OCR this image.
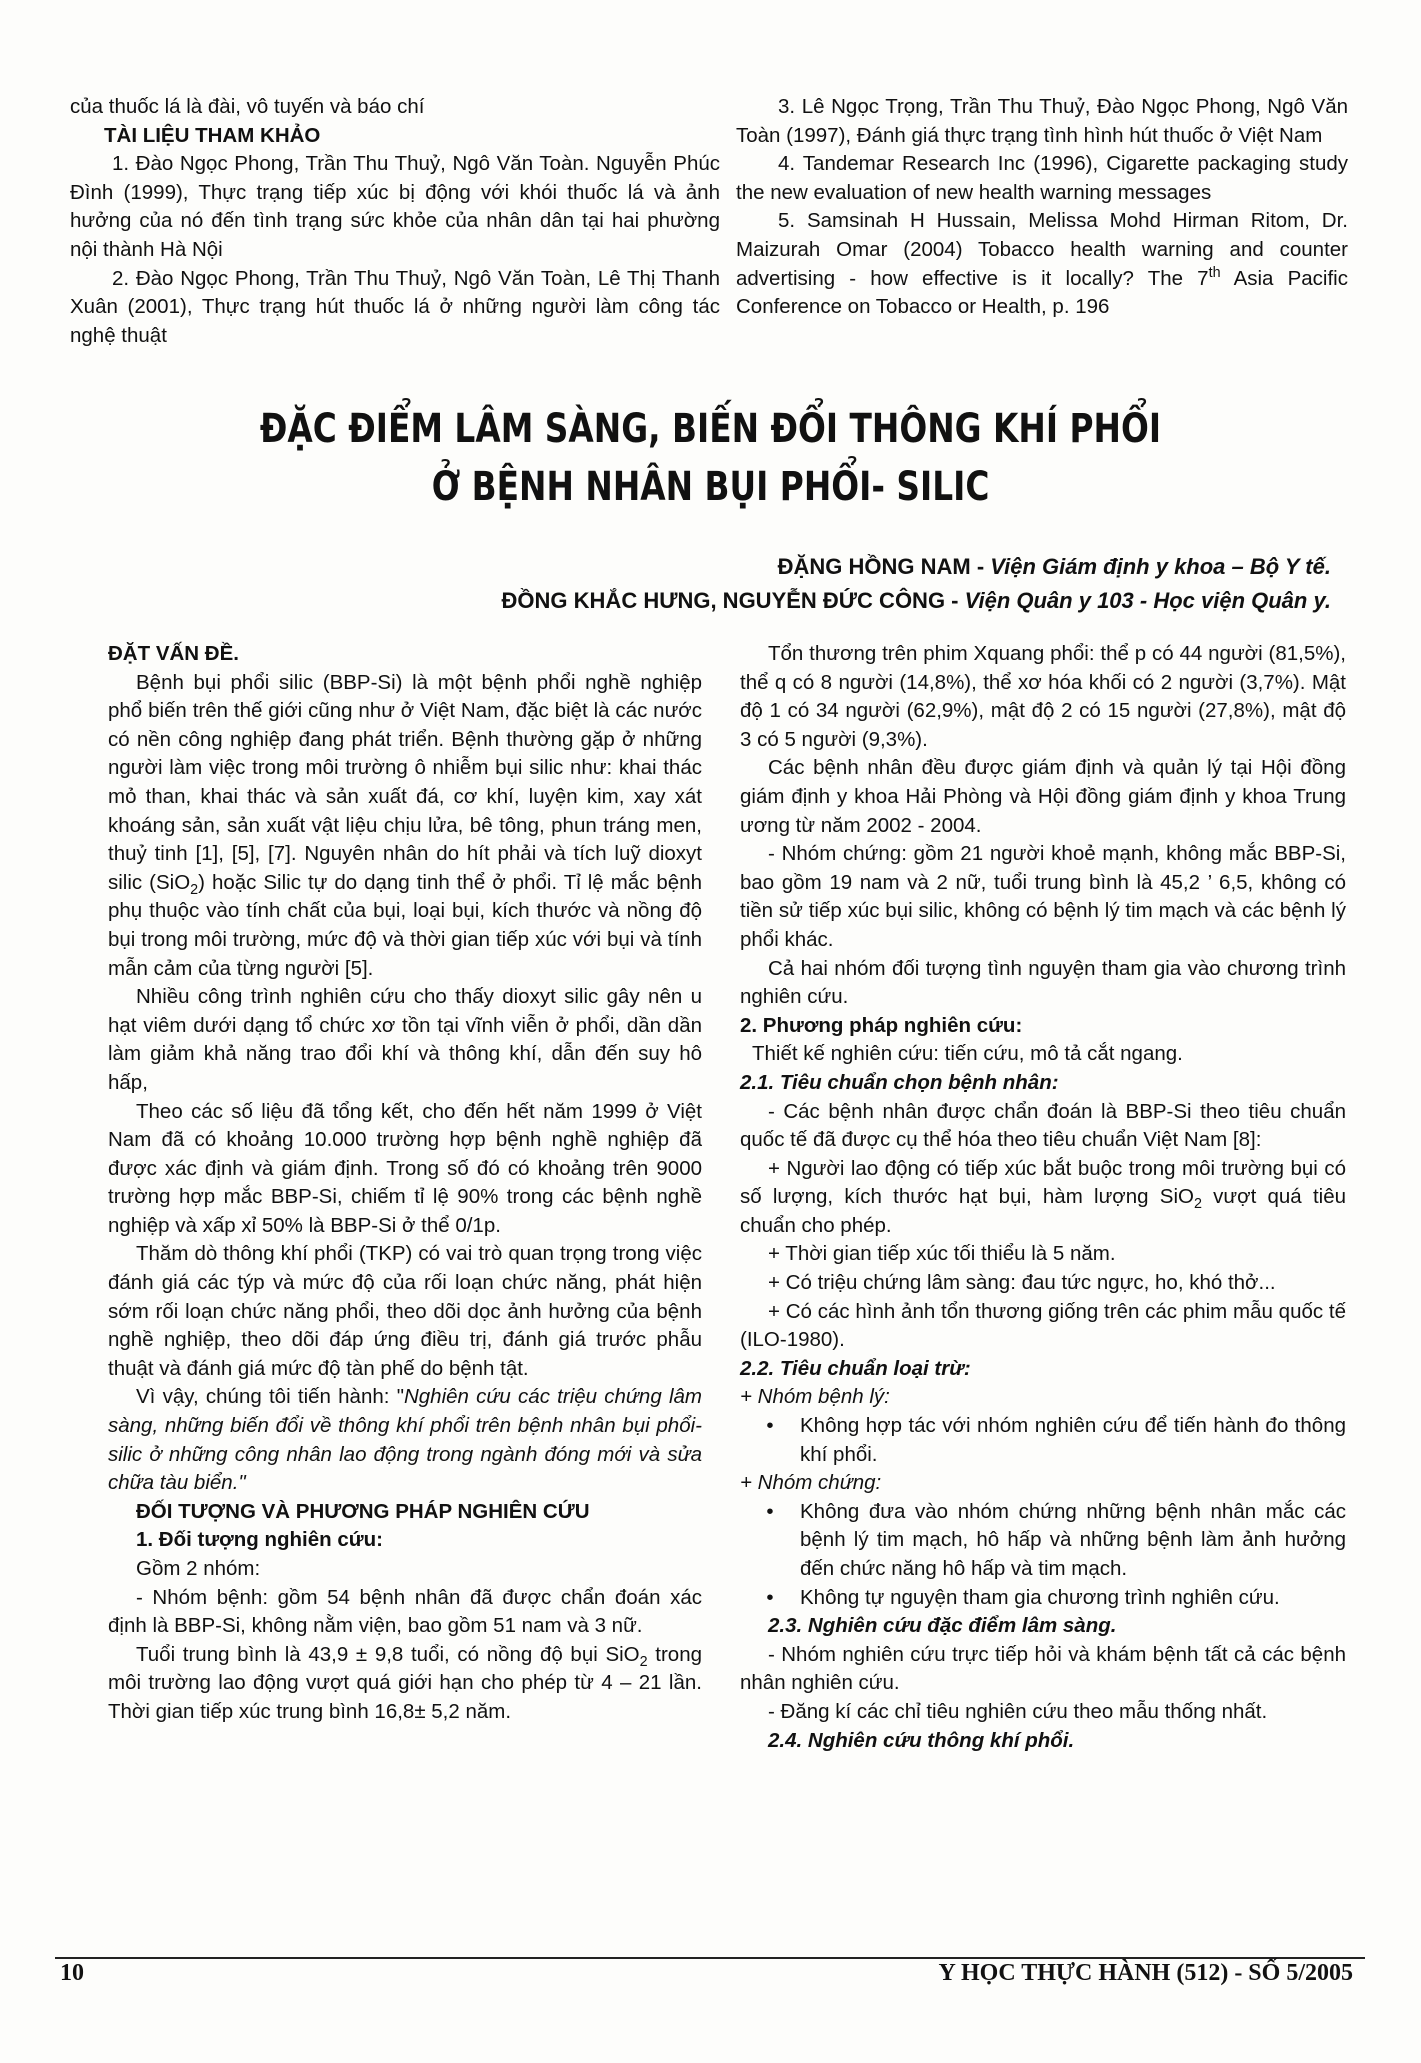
của thuốc lá là đài, vô tuyến và báo chí

TÀI LIỆU THAM KHẢO

1. Đào Ngọc Phong, Trần Thu Thuỷ, Ngô Văn Toàn. Nguyễn Phúc Đình (1999), Thực trạng tiếp xúc bị động với khói thuốc lá và ảnh hưởng của nó đến tình trạng sức khỏe của nhân dân tại hai phường nội thành Hà Nội

2. Đào Ngọc Phong, Trần Thu Thuỷ, Ngô Văn Toàn, Lê Thị Thanh Xuân (2001), Thực trạng hút thuốc lá ở những người làm công tác nghệ thuật

3. Lê Ngọc Trọng, Trần Thu Thuỷ, Đào Ngọc Phong, Ngô Văn Toàn (1997), Đánh giá thực trạng tình hình hút thuốc ở Việt Nam

4. Tandemar Research Inc (1996), Cigarette packaging study the new evaluation of new health warning messages

5. Samsinah H Hussain, Melissa Mohd Hirman Ritom, Dr. Maizurah Omar (2004) Tobacco health warning and counter advertising - how effective is it locally? The 7th Asia Pacific Conference on Tobacco or Health, p. 196

ĐẶC ĐIỂM LÂM SÀNG, BIẾN ĐỔI THÔNG KHÍ PHỔI
Ở BỆNH NHÂN BỤI PHỔI- SILIC
ĐẶNG HỒNG NAM - Viện Giám định y khoa – Bộ Y tế.
ĐỒNG KHẮC HƯNG, NGUYỄN ĐỨC CÔNG - Viện Quân y 103 - Học viện Quân y.

ĐẶT VẤN ĐỀ.

Bệnh bụi phổi silic (BBP-Si) là một bệnh phổi nghề nghiệp phổ biến trên thế giới cũng như ở Việt Nam, đặc biệt là các nước có nền công nghiệp đang phát triển. Bệnh thường gặp ở những người làm việc trong môi trường ô nhiễm bụi silic như: khai thác mỏ than, khai thác và sản xuất đá, cơ khí, luyện kim, xay xát khoáng sản, sản xuất vật liệu chịu lửa, bê tông, phun tráng men, thuỷ tinh [1], [5], [7]. Nguyên nhân do hít phải và tích luỹ dioxyt silic (SiO$_2$) hoặc Silic tự do dạng tinh thể ở phổi. Tỉ lệ mắc bệnh phụ thuộc vào tính chất của bụi, loại bụi, kích thước và nồng độ bụi trong môi trường, mức độ và thời gian tiếp xúc với bụi và tính mẫn cảm của từng người [5].

Nhiều công trình nghiên cứu cho thấy dioxyt silic gây nên u hạt viêm dưới dạng tổ chức xơ tồn tại vĩnh viễn ở phổi, dần dần làm giảm khả năng trao đổi khí và thông khí, dẫn đến suy hô hấp,

Theo các số liệu đã tổng kết, cho đến hết năm 1999 ở Việt Nam đã có khoảng 10.000 trường hợp bệnh nghề nghiệp đã được xác định và giám định. Trong số đó có khoảng trên 9000 trường hợp mắc BBP-Si, chiếm tỉ lệ 90% trong các bệnh nghề nghiệp và xấp xỉ 50% là BBP-Si ở thể 0/1p.

Thăm dò thông khí phổi (TKP) có vai trò quan trọng trong việc đánh giá các týp và mức độ của rối loạn chức năng, phát hiện sớm rối loạn chức năng phổi, theo dõi dọc ảnh hưởng của bệnh nghề nghiệp, theo dõi đáp ứng điều trị, đánh giá trước phẫu thuật và đánh giá mức độ tàn phế do bệnh tật.

Vì vậy, chúng tôi tiến hành: "Nghiên cứu các triệu chứng lâm sàng, những biến đổi về thông khí phổi trên bệnh nhân bụi phổi- silic ở những công nhân lao động trong ngành đóng mới và sửa chữa tàu biển."

ĐỐI TƯỢNG VÀ PHƯƠNG PHÁP NGHIÊN CỨU

1. Đối tượng nghiên cứu:

Gồm 2 nhóm:

- Nhóm bệnh: gồm 54 bệnh nhân đã được chẩn đoán xác định là BBP-Si, không nằm viện, bao gồm 51 nam và 3 nữ.

Tuổi trung bình là 43,9 ± 9,8 tuổi, có nồng độ bụi SiO$_2$ trong môi trường lao động vượt quá giới hạn cho phép từ 4 – 21 lần. Thời gian tiếp xúc trung bình 16,8± 5,2 năm.

Tổn thương trên phim Xquang phổi: thể p có 44 người (81,5%), thể q có 8 người (14,8%), thể xơ hóa khối có 2 người (3,7%). Mật độ 1 có 34 người (62,9%), mật độ 2 có 15 người (27,8%), mật độ 3 có 5 người (9,3%).

Các bệnh nhân đều được giám định và quản lý tại Hội đồng giám định y khoa Hải Phòng và Hội đồng giám định y khoa Trung ương từ năm 2002 - 2004.

- Nhóm chứng: gồm 21 người khoẻ mạnh, không mắc BBP-Si, bao gồm 19 nam và 2 nữ, tuổi trung bình là 45,2 ’ 6,5, không có tiền sử tiếp xúc bụi silic, không có bệnh lý tim mạch và các bệnh lý phổi khác.

Cả hai nhóm đối tượng tình nguyện tham gia vào chương trình nghiên cứu.

2. Phương pháp nghiên cứu:

Thiết kế nghiên cứu: tiến cứu, mô tả cắt ngang.

2.1. Tiêu chuẩn chọn bệnh nhân:

- Các bệnh nhân được chẩn đoán là BBP-Si theo tiêu chuẩn quốc tế đã được cụ thể hóa theo tiêu chuẩn Việt Nam [8]:

+ Người lao động có tiếp xúc bắt buộc trong môi trường bụi có số lượng, kích thước hạt bụi, hàm lượng SiO$_2$ vượt quá tiêu chuẩn cho phép.

+ Thời gian tiếp xúc tối thiểu là 5 năm.

+ Có triệu chứng lâm sàng: đau tức ngực, ho, khó thở...

+ Có các hình ảnh tổn thương giống trên các phim mẫu quốc tế (ILO-1980).

2.2. Tiêu chuẩn loại trừ:

+ Nhóm bệnh lý:

•	Không hợp tác với nhóm nghiên cứu để tiến hành đo thông khí phổi.

+ Nhóm chứng:

•	Không đưa vào nhóm chứng những bệnh nhân mắc các bệnh lý tim mạch, hô hấp và những bệnh làm ảnh hưởng đến chức năng hô hấp và tim mạch.
•	Không tự nguyện tham gia chương trình nghiên cứu.

2.3. Nghiên cứu đặc điểm lâm sàng.

- Nhóm nghiên cứu trực tiếp hỏi và khám bệnh tất cả các bệnh nhân nghiên cứu.

- Đăng kí các chỉ tiêu nghiên cứu theo mẫu thống nhất.

2.4. Nghiên cứu thông khí phổi.

10	Y HỌC THỰC HÀNH (512) - SỐ 5/2005
